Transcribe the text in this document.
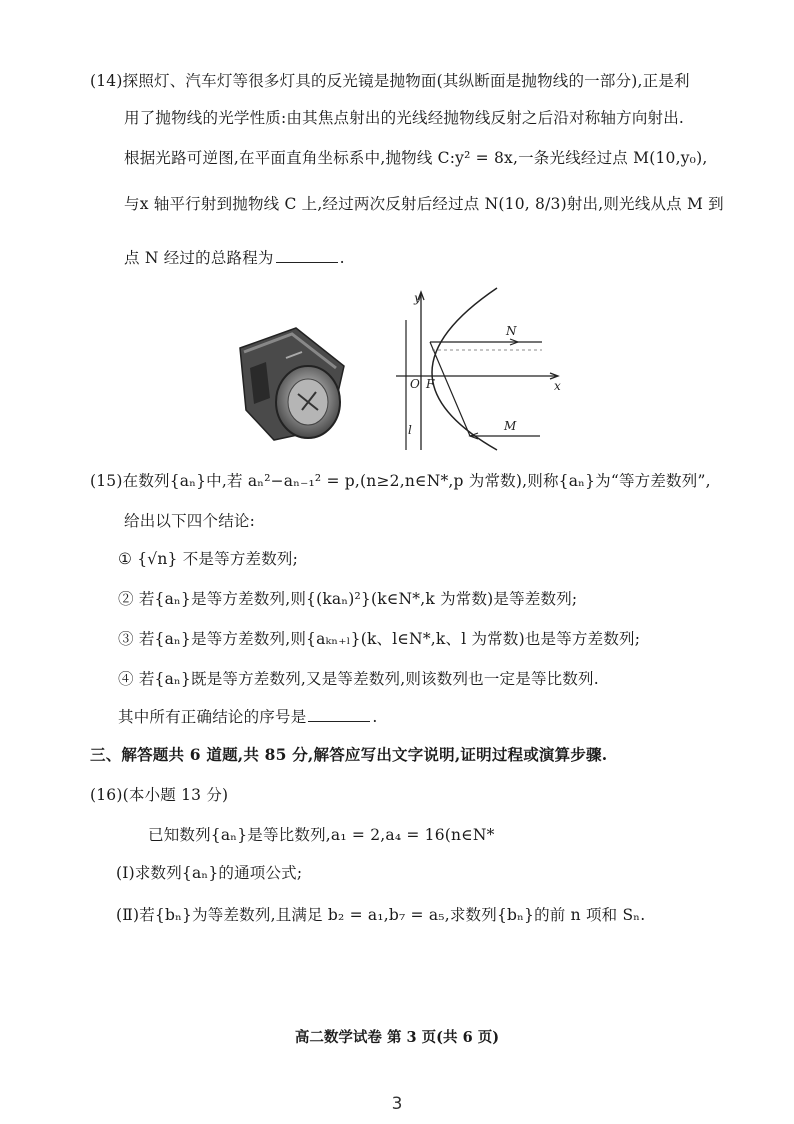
(14)探照灯、汽车灯等很多灯具的反光镜是抛物面(其纵断面是抛物线的一部分),正是利
用了抛物线的光学性质:由其焦点射出的光线经抛物线反射之后沿对称轴方向射出.
根据光路可逆图,在平面直角坐标系中,抛物线 C:y² = 8x,一条光线经过点 M(10,y₀),
与x 轴平行射到抛物线 C 上,经过两次反射后经过点 N(10, 8/3)射出,则光线从点 M 到
点 N 经过的总路程为	.
y
x
O F
l
N
M
(15)在数列{aₙ}中,若 aₙ²−aₙ₋₁² = p,(n≥2,n∈N*,p 为常数),则称{aₙ}为“等方差数列”,
给出以下四个结论:
① {√n} 不是等方差数列;
② 若{aₙ}是等方差数列,则{(kaₙ)²}(k∈N*,k 为常数)是等差数列;
③ 若{aₙ}是等方差数列,则{aₖₙ₊ₗ}(k、l∈N*,k、l 为常数)也是等方差数列;
④ 若{aₙ}既是等方差数列,又是等差数列,则该数列也一定是等比数列.
其中所有正确结论的序号是	.
三、解答题共 6 道题,共 85 分,解答应写出文字说明,证明过程或演算步骤.
(16)(本小题 13 分)
已知数列{aₙ}是等比数列,a₁ = 2,a₄ = 16(n∈N*
(Ⅰ)求数列{aₙ}的通项公式;
(Ⅱ)若{bₙ}为等差数列,且满足 b₂ = a₁,b₇ = a₅,求数列{bₙ}的前 n 项和 Sₙ.
高二数学试卷 第 3 页(共 6 页)
3
